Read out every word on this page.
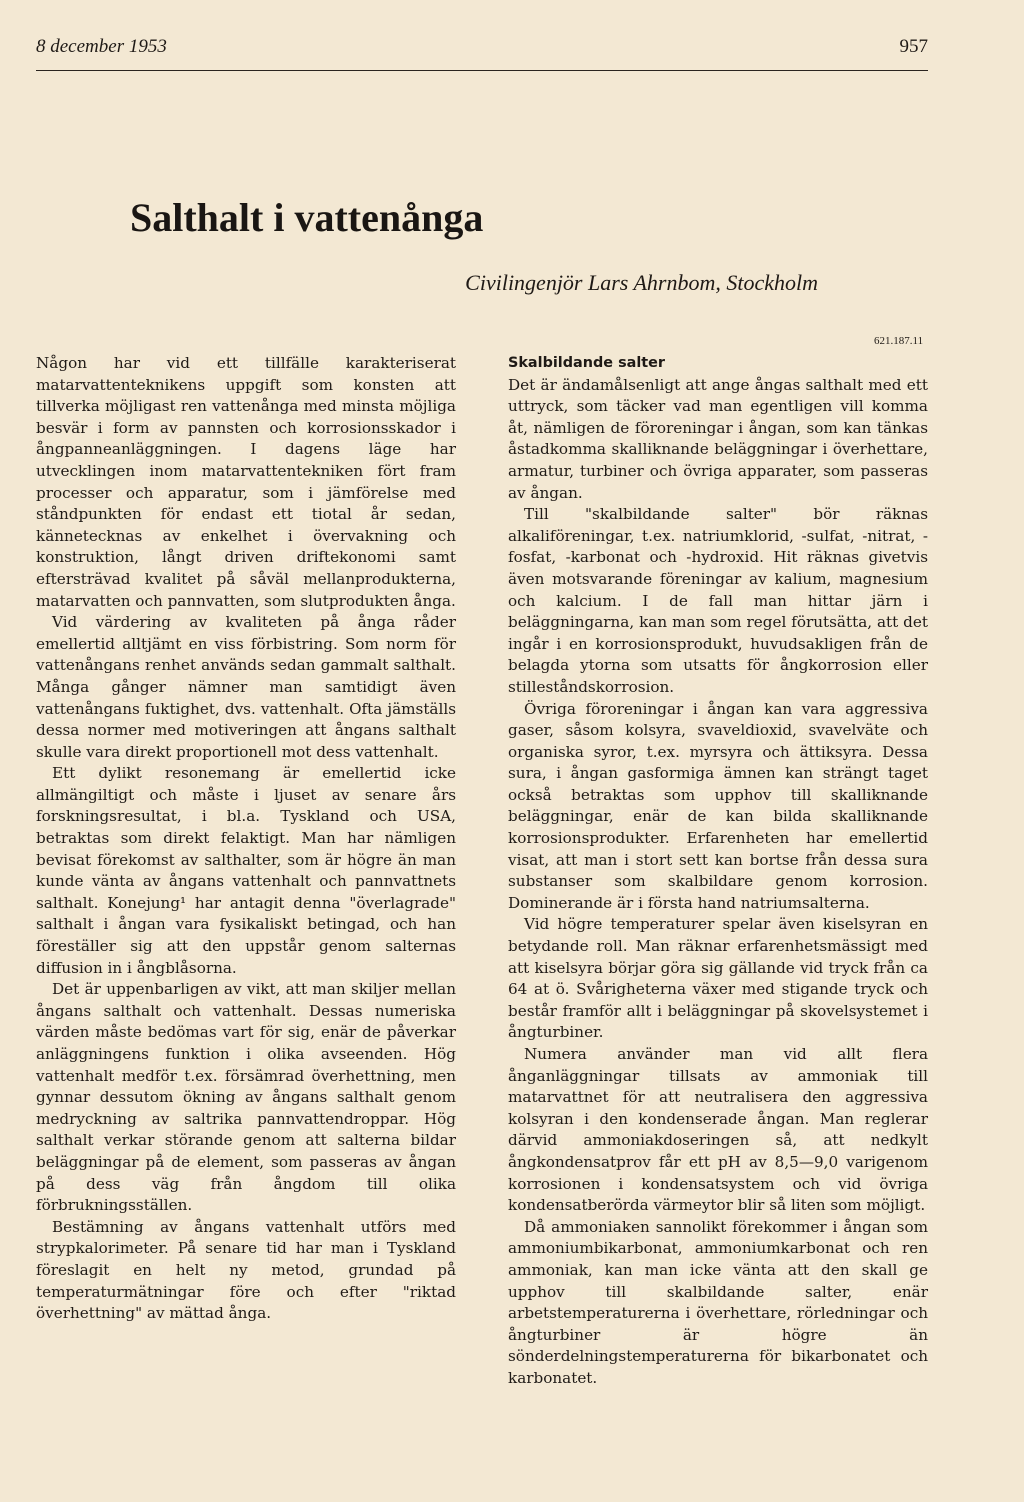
8 december 1953	957
Salthalt i vattenånga
Civilingenjör Lars Ahrnbom, Stockholm
621.187.11

Någon har vid ett tillfälle karakteriserat matarvattenteknikens uppgift som konsten att tillverka möjligast ren vattenånga med minsta möjliga besvär i form av pannsten och korrosionsskador i ångpanneanläggningen. I dagens läge har utvecklingen inom matarvattentekniken fört fram processer och apparatur, som i jämförelse med ståndpunkten för endast ett tiotal år sedan, kännetecknas av enkelhet i övervakning och konstruktion, långt driven driftekonomi samt eftersträvad kvalitet på såväl mellanprodukterna, matarvatten och pannvatten, som slutprodukten ånga.

Vid värdering av kvaliteten på ånga råder emellertid alltjämt en viss förbistring. Som norm för vattenångans renhet används sedan gammalt salthalt. Många gånger nämner man samtidigt även vattenångans fuktighet, dvs. vattenhalt. Ofta jämställs dessa normer med motiveringen att ångans salthalt skulle vara direkt proportionell mot dess vattenhalt.

Ett dylikt resonemang är emellertid icke allmängiltigt och måste i ljuset av senare års forskningsresultat, i bl.a. Tyskland och USA, betraktas som direkt felaktigt. Man har nämligen bevisat förekomst av salthalter, som är högre än man kunde vänta av ångans vattenhalt och pannvattnets salthalt. Konejung¹ har antagit denna "överlagrade" salthalt i ångan vara fysikaliskt betingad, och han föreställer sig att den uppstår genom salternas diffusion in i ångblåsorna.

Det är uppenbarligen av vikt, att man skiljer mellan ångans salthalt och vattenhalt. Dessas numeriska värden måste bedömas vart för sig, enär de påverkar anläggningens funktion i olika avseenden. Hög vattenhalt medför t.ex. försämrad överhettning, men gynnar dessutom ökning av ångans salthalt genom medryckning av saltrika pannvattendroppar. Hög salthalt verkar störande genom att salterna bildar beläggningar på de element, som passeras av ångan på dess väg från ångdom till olika förbrukningsställen.

Bestämning av ångans vattenhalt utförs med strypkalorimeter. På senare tid har man i Tyskland föreslagit en helt ny metod, grundad på temperaturmätningar före och efter "riktad överhettning" av mättad ånga.

Skalbildande salter

Det är ändamålsenligt att ange ångas salthalt med ett uttryck, som täcker vad man egentligen vill komma åt, nämligen de föroreningar i ångan, som kan tänkas åstadkomma skalliknande beläggningar i överhettare, armatur, turbiner och övriga apparater, som passeras av ångan.

Till "skalbildande salter" bör räknas alkaliföreningar, t.ex. natriumklorid, -sulfat, -nitrat, -fosfat, -karbonat och -hydroxid. Hit räknas givetvis även motsvarande föreningar av kalium, magnesium och kalcium. I de fall man hittar järn i beläggningarna, kan man som regel förutsätta, att det ingår i en korrosionsprodukt, huvudsakligen från de belagda ytorna som utsatts för ångkorrosion eller stilleståndskorrosion.

Övriga föroreningar i ångan kan vara aggressiva gaser, såsom kolsyra, svaveldioxid, svavelväte och organiska syror, t.ex. myrsyra och ättiksyra. Dessa sura, i ångan gasformiga ämnen kan strängt taget också betraktas som upphov till skalliknande beläggningar, enär de kan bilda skalliknande korrosionsprodukter. Erfarenheten har emellertid visat, att man i stort sett kan bortse från dessa sura substanser som skalbildare genom korrosion. Dominerande är i första hand natriumsalterna.

Vid högre temperaturer spelar även kiselsyran en betydande roll. Man räknar erfarenhetsmässigt med att kiselsyra börjar göra sig gällande vid tryck från ca 64 at ö. Svårigheterna växer med stigande tryck och består framför allt i beläggningar på skovelsystemet i ångturbiner.

Numera använder man vid allt flera ånganläggningar tillsats av ammoniak till matarvattnet för att neutralisera den aggressiva kolsyran i den kondenserade ångan. Man reglerar därvid ammoniakdoseringen så, att nedkylt ångkondensatprov får ett pH av 8,5—9,0 varigenom korrosionen i kondensatsystem och vid övriga kondensatberörda värmeytor blir så liten som möjligt.

Då ammoniaken sannolikt förekommer i ångan som ammoniumbikarbonat, ammoniumkarbonat och ren ammoniak, kan man icke vänta att den skall ge upphov till skalbildande salter, enär arbetstemperaturerna i överhettare, rörledningar och ångturbiner är högre än sönderdelningstemperaturerna för bikarbonatet och karbonatet.
